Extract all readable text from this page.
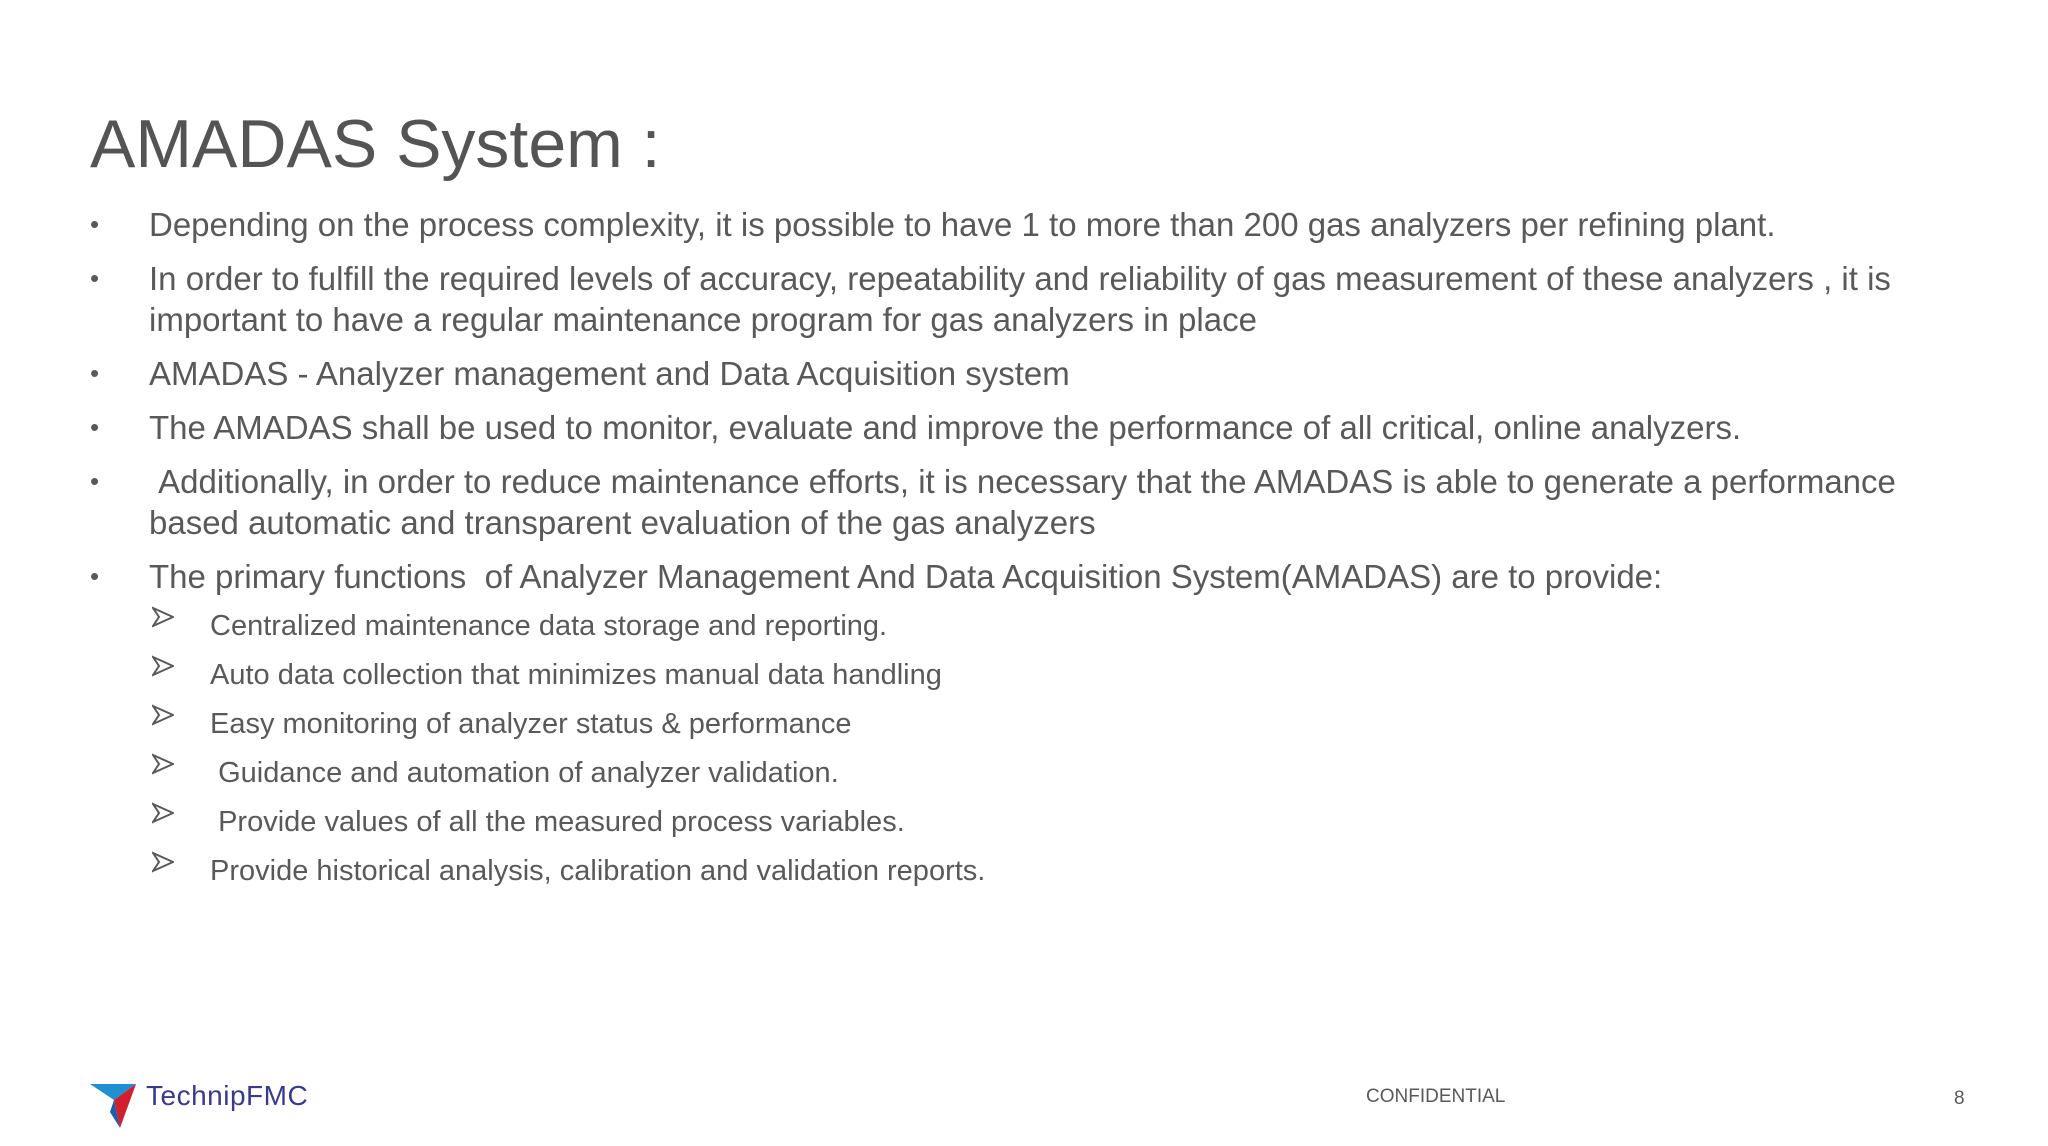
AMADAS System :
• Depending on the process complexity, it is possible to have 1 to more than 200 gas analyzers per refining plant.
• In order to fulfill the required levels of accuracy, repeatability and reliability of gas measurement of these analyzers , it is important to have a regular maintenance program for gas analyzers in place
• AMADAS - Analyzer management and Data Acquisition system
• The AMADAS shall be used to monitor, evaluate and improve the performance of all critical, online analyzers.
• Additionally, in order to reduce maintenance efforts, it is necessary that the AMADAS is able to generate a performance based automatic and transparent evaluation of the gas analyzers
• The primary functions  of Analyzer Management And Data Acquisition System(AMADAS) are to provide:
Centralized maintenance data storage and reporting.
Auto data collection that minimizes manual data handling
Easy monitoring of analyzer status & performance
Guidance and automation of analyzer validation.
Provide values of all the measured process variables.
Provide historical analysis, calibration and validation reports.
TechnipFMC	CONFIDENTIAL	8
